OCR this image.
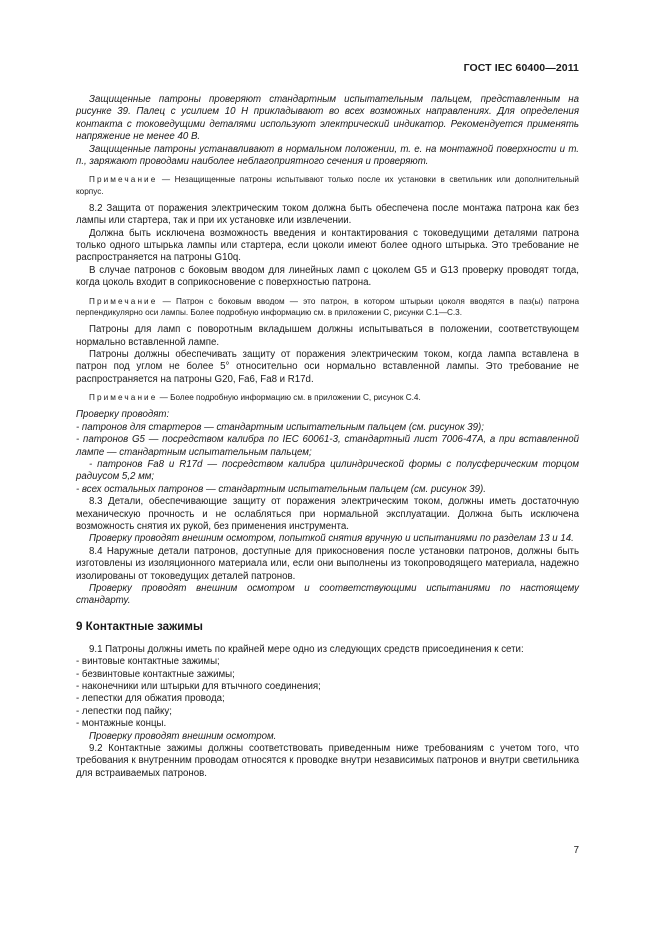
ГОСТ IEC 60400—2011

Защищенные патроны проверяют стандартным испытательным пальцем, представленным на рисунке 39. Палец с усилием 10 Н прикладывают во всех возможных направлениях. Для определения контакта с токоведущими деталями используют электрический индикатор. Рекомендуется применять напряжение не менее 40 В.

Защищенные патроны устанавливают в нормальном положении, т. е. на монтажной поверхности и т. п., заряжают проводами наиболее неблагоприятного сечения и проверяют.

Примечание — Незащищенные патроны испытывают только после их установки в светильник или дополнительный корпус.

8.2 Защита от поражения электрическим током должна быть обеспечена после монтажа патрона как без лампы или стартера, так и при их установке или извлечении.

Должна быть исключена возможность введения и контактирования с токоведущими деталями патрона только одного штырька лампы или стартера, если цоколи имеют более одного штырька. Это требование не распространяется на патроны G10q.

В случае патронов с боковым вводом для линейных ламп с цоколем G5 и G13 проверку проводят тогда, когда цоколь входит в соприкосновение с поверхностью патрона.

Примечание — Патрон с боковым вводом — это патрон, в котором штырьки цоколя вводятся в паз(ы) патрона перпендикулярно оси лампы. Более подробную информацию см. в приложении С, рисунки С.1—С.3.

Патроны для ламп с поворотным вкладышем должны испытываться в положении, соответствующем нормально вставленной лампе.

Патроны должны обеспечивать защиту от поражения электрическим током, когда лампа вставлена в патрон под углом не более 5° относительно оси нормально вставленной лампы. Это требование не распространяется на патроны G20, Fa6, Fa8 и R17d.

Примечание — Более подробную информацию см. в приложении С, рисунок С.4.

Проверку проводят:

- патронов для стартеров — стандартным испытательным пальцем (см. рисунок 39);

- патронов G5 — посредством калибра по IEC 60061-3, стандартный лист 7006-47А, а при вставленной лампе — стандартным испытательным пальцем;

- патронов Fa8 и R17d — посредством калибра цилиндрической формы с полусферическим торцом радиусом 5,2 мм;

- всех остальных патронов — стандартным испытательным пальцем (см. рисунок 39).

8.3 Детали, обеспечивающие защиту от поражения электрическим током, должны иметь достаточную механическую прочность и не ослабляться при нормальной эксплуатации. Должна быть исключена возможность снятия их рукой, без применения инструмента.

Проверку проводят внешним осмотром, попыткой снятия вручную и испытаниями по разделам 13 и 14.

8.4 Наружные детали патронов, доступные для прикосновения после установки патронов, должны быть изготовлены из изоляционного материала или, если они выполнены из токопроводящего материала, надежно изолированы от токоведущих деталей патронов.

Проверку проводят внешним осмотром и соответствующими испытаниями по настоящему стандарту.

9 Контактные зажимы

9.1 Патроны должны иметь по крайней мере одно из следующих средств присоединения к сети:

- винтовые контактные зажимы;

- безвинтовые контактные зажимы;

- наконечники или штырьки для втычного соединения;

- лепестки для обжатия провода;

- лепестки под пайку;

- монтажные концы.

Проверку проводят внешним осмотром.

9.2 Контактные зажимы должны соответствовать приведенным ниже требованиям с учетом того, что требования к внутренним проводам относятся к проводке внутри независимых патронов и внутри светильника для встраиваемых патронов.

7
